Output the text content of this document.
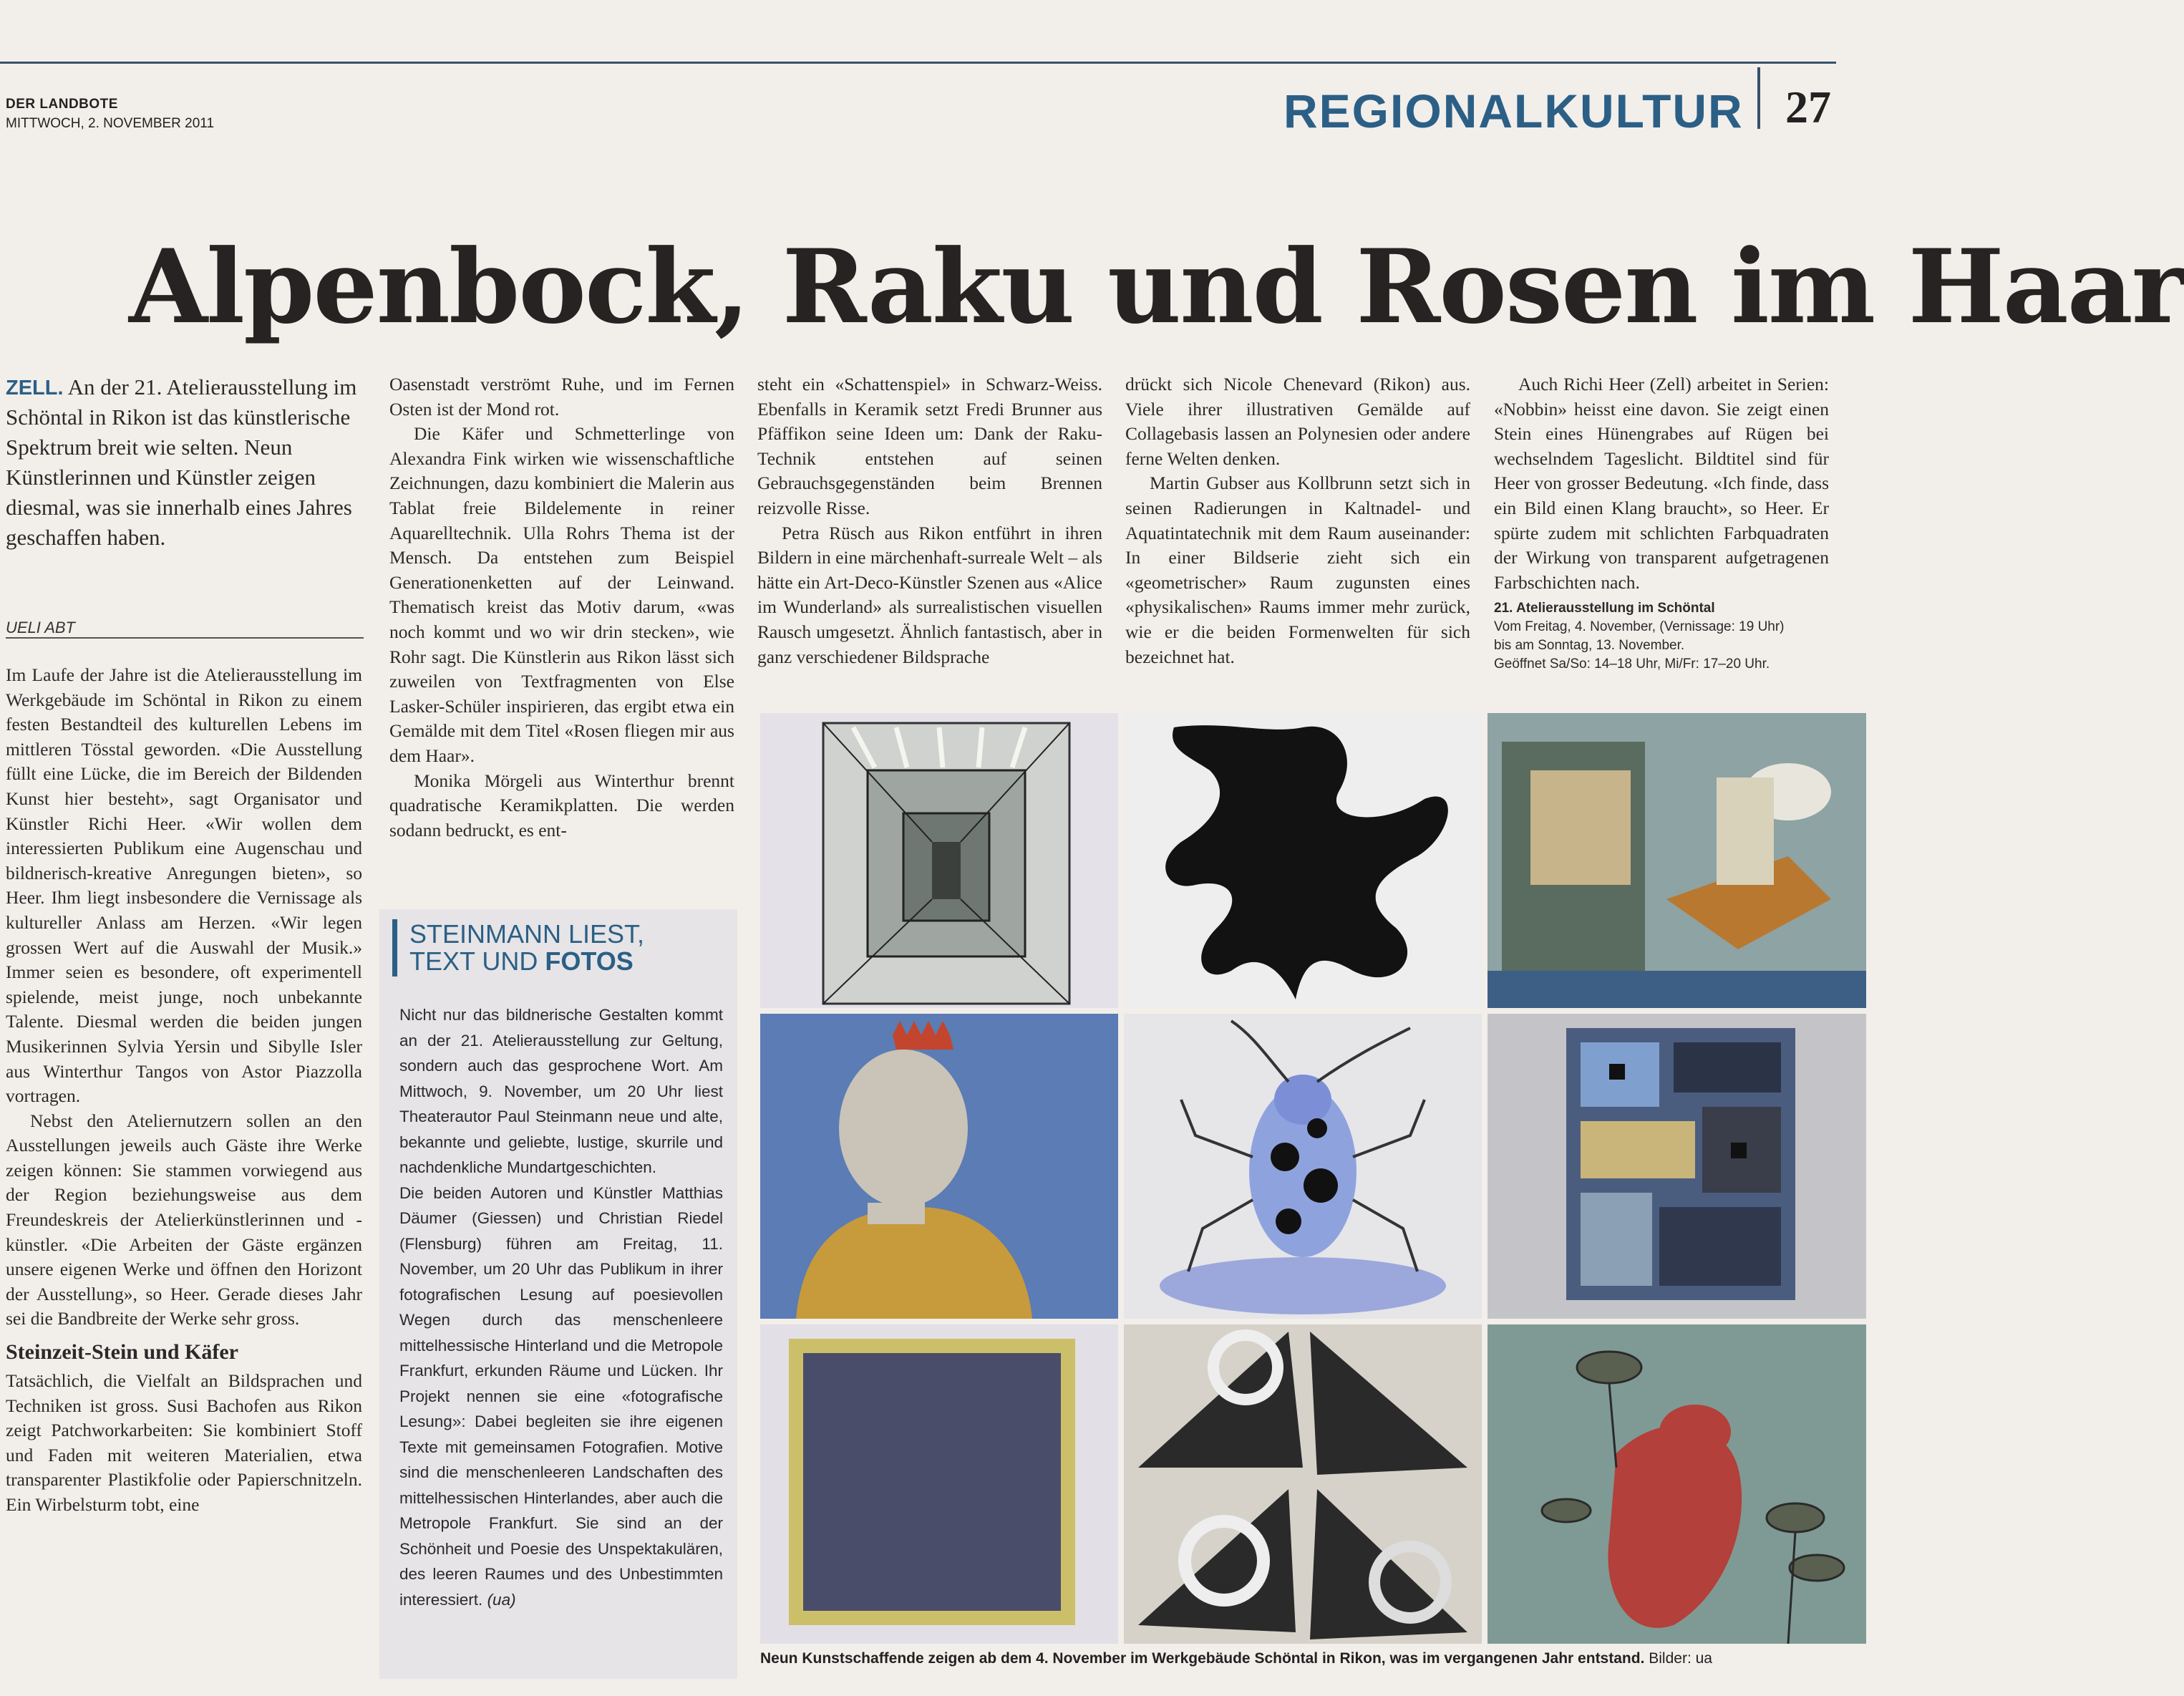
DER LANDBOTE
MITTWOCH, 2. NOVEMBER 2011	REGIONALKULTUR 27
Alpenbock, Raku und Rosen im Haar
ZELL. An der 21. Atelierausstellung im Schöntal in Rikon ist das künstlerische Spektrum breit wie selten. Neun Künstlerinnen und Künstler zeigen diesmal, was sie innerhalb eines Jahres geschaffen haben.
UELI ABT

Im Laufe der Jahre ist die Atelierausstellung im Werkgebäude im Schöntal in Rikon zu einem festen Bestandteil des kulturellen Lebens im mittleren Tösstal geworden. «Die Ausstellung füllt eine Lücke, die im Bereich der Bildenden Kunst hier besteht», sagt Organisator und Künstler Richi Heer. «Wir wollen dem interessierten Publikum eine Augenschau und bildnerisch-kreative Anregungen bieten», so Heer. Ihm liegt insbesondere die Vernissage als kultureller Anlass am Herzen. «Wir legen grossen Wert auf die Auswahl der Musik.» Immer seien es besondere, oft experimentell spielende, meist junge, noch unbekannte Talente. Diesmal werden die beiden jungen Musikerinnen Sylvia Yersin und Sibylle Isler aus Winterthur Tangos von Astor Piazzolla vortragen.

Nebst den Ateliernutzern sollen an den Ausstellungen jeweils auch Gäste ihre Werke zeigen können: Sie stammen vorwiegend aus der Region beziehungsweise aus dem Freundeskreis der Atelierkünstlerinnen und -künstler. «Die Arbeiten der Gäste ergänzen unsere eigenen Werke und öffnen den Horizont der Ausstellung», so Heer. Gerade dieses Jahr sei die Bandbreite der Werke sehr gross.

Steinzeit-Stein und Käfer

Tatsächlich, die Vielfalt an Bildsprachen und Techniken ist gross. Susi Bachofen aus Rikon zeigt Patchworkarbeiten: Sie kombiniert Stoff und Faden mit weiteren Materialien, etwa transparenter Plastikfolie oder Papierschnitzeln. Ein Wirbelsturm tobt, eine

Oasenstadt verströmt Ruhe, und im Fernen Osten ist der Mond rot.

Die Käfer und Schmetterlinge von Alexandra Fink wirken wie wissenschaftliche Zeichnungen, dazu kombiniert die Malerin aus Tablat freie Bildelemente in reiner Aquarelltechnik. Ulla Rohrs Thema ist der Mensch. Da entstehen zum Beispiel Generationenketten auf der Leinwand. Thematisch kreist das Motiv darum, «was noch kommt und wo wir drin stecken», wie Rohr sagt. Die Künstlerin aus Rikon lässt sich zuweilen von Textfragmenten von Else Lasker-Schüler inspirieren, das ergibt etwa ein Gemälde mit dem Titel «Rosen fliegen mir aus dem Haar».

Monika Mörgeli aus Winterthur brennt quadratische Keramikplatten. Die werden sodann bedruckt, es ent-

steht ein «Schattenspiel» in Schwarz-Weiss. Ebenfalls in Keramik setzt Fredi Brunner aus Pfäffikon seine Ideen um: Dank der Raku-Technik entstehen auf seinen Gebrauchsgegenständen beim Brennen reizvolle Risse.

Petra Rüsch aus Rikon entführt in ihren Bildern in eine märchenhaft-surreale Welt – als hätte ein Art-Deco-Künstler Szenen aus «Alice im Wunderland» als surrealistischen visuellen Rausch umgesetzt. Ähnlich fantastisch, aber in ganz verschiedener Bildsprache

drückt sich Nicole Chenevard (Rikon) aus. Viele ihrer illustrativen Gemälde auf Collagebasis lassen an Polynesien oder andere ferne Welten denken.

Martin Gubser aus Kollbrunn setzt sich in seinen Radierungen in Kaltnadel- und Aquatintatechnik mit dem Raum auseinander: In einer Bildserie zieht sich ein «geometrischer» Raum zugunsten eines «physikalischen» Raums immer mehr zurück, wie er die beiden Formenwelten für sich bezeichnet hat.

Auch Richi Heer (Zell) arbeitet in Serien: «Nobbin» heisst eine davon. Sie zeigt einen Stein eines Hünengrabes auf Rügen bei wechselndem Tageslicht. Bildtitel sind für Heer von grosser Bedeutung. «Ich finde, dass ein Bild einen Klang braucht», so Heer. Er spürte zudem mit schlichten Farbquadraten der Wirkung von transparent aufgetragenen Farbschichten nach.

21. Atelierausstellung im Schöntal
Vom Freitag, 4. November, (Vernissage: 19 Uhr)
bis am Sonntag, 13. November.
Geöffnet Sa/So: 14–18 Uhr, Mi/Fr: 17–20 Uhr.
STEINMANN LIEST,
TEXT UND FOTOS

Nicht nur das bildnerische Gestalten kommt an der 21. Atelierausstellung zur Geltung, sondern auch das gesprochene Wort. Am Mittwoch, 9. November, um 20 Uhr liest Theaterautor Paul Steinmann neue und alte, bekannte und geliebte, lustige, skurrile und nachdenkliche Mundartgeschichten.

Die beiden Autoren und Künstler Matthias Däumer (Giessen) und Christian Riedel (Flensburg) führen am Freitag, 11. November, um 20 Uhr das Publikum in ihrer fotografischen Lesung auf poesievollen Wegen durch das menschenleere mittelhessische Hinterland und die Metropole Frankfurt, erkunden Räume und Lücken. Ihr Projekt nennen sie eine «fotografische Lesung»: Dabei begleiten sie ihre eigenen Texte mit gemeinsamen Fotografien. Motive sind die menschenleeren Landschaften des mittelhessischen Hinterlandes, aber auch die Metropole Frankfurt. Sie sind an der Schönheit und Poesie des Unspektakulären, des leeren Raumes und des Unbestimmten interessiert. (ua)

Neun Kunstschaffende zeigen ab dem 4. November im Werkgebäude Schöntal in Rikon, was im vergangenen Jahr entstand. Bilder: ua
